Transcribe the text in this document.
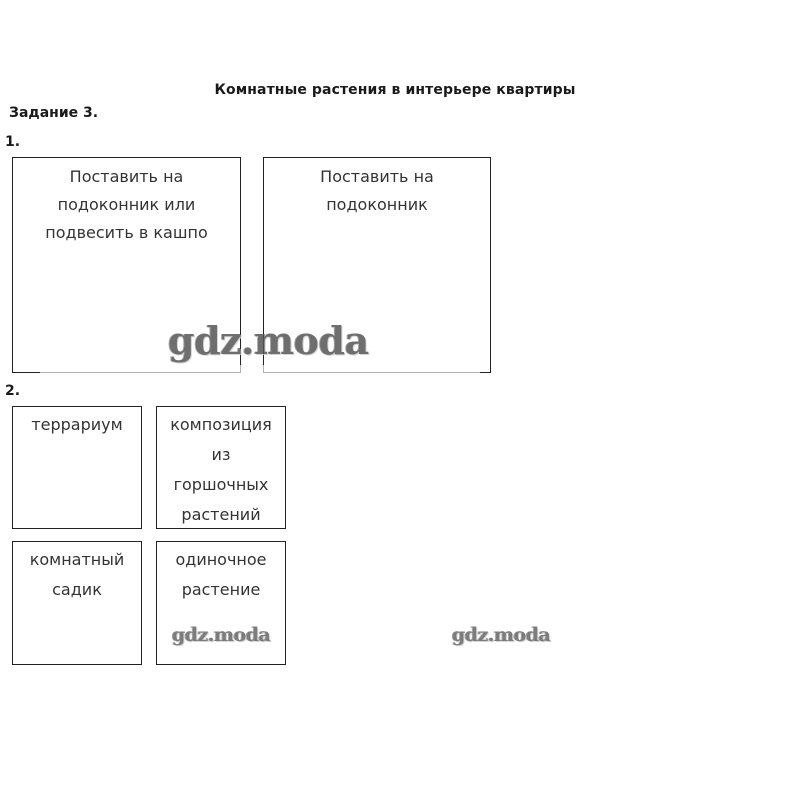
Комнатные растения в интерьере квартиры
Задание 3.
1.
Поставить на
подоконник или
подвесить в кашпо
Поставить на
подоконник
2.
террариум	композиция
из
горшочных
растений
комнатный
садик
одиночное
растение
gdz.moda
gdz.moda	gdz.moda
